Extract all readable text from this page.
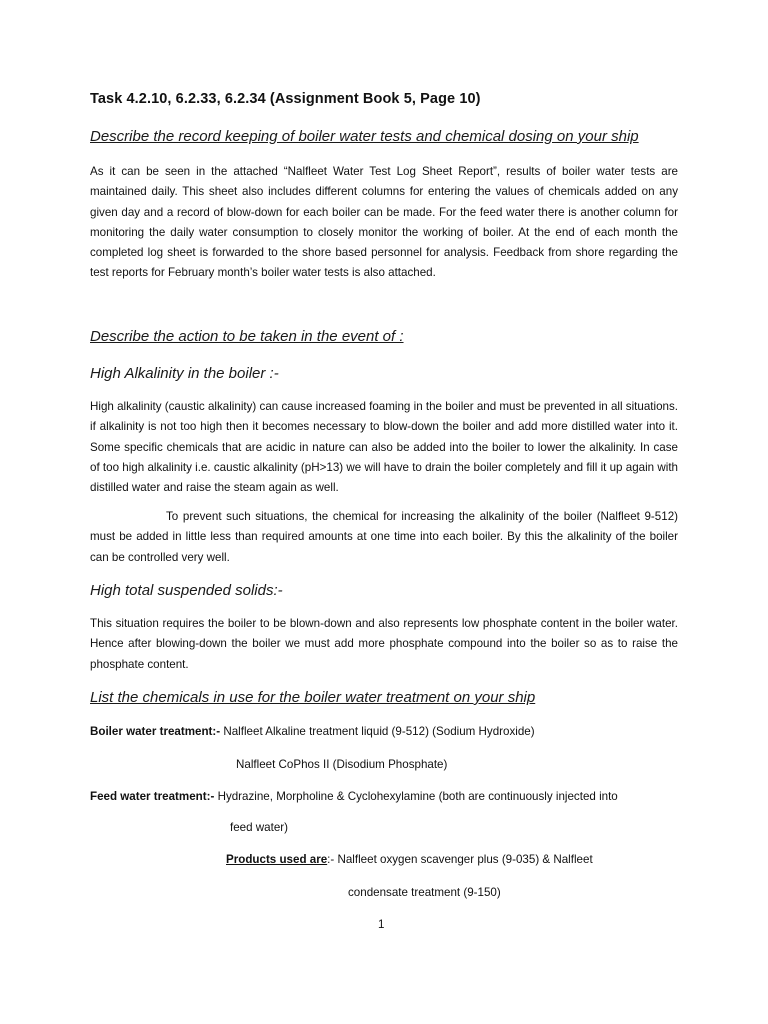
Task 4.2.10, 6.2.33, 6.2.34 (Assignment Book 5, Page 10)

Describe the record keeping of boiler water tests and chemical dosing on your ship

As it can be seen in the attached “Nalfleet Water Test Log Sheet Report”, results of boiler water tests are maintained daily. This sheet also includes different columns for entering the values of chemicals added on any given day and a record of blow-down for each boiler can be made. For the feed water there is another column for monitoring the daily water consumption to closely monitor the working of boiler. At the end of each month the completed log sheet is forwarded to the shore based personnel for analysis. Feedback from shore regarding the test reports for February month’s boiler water tests is also attached.

Describe the action to be taken in the event of :

High Alkalinity in the boiler :-

High alkalinity (caustic alkalinity) can cause increased foaming in the boiler and must be prevented in all situations. if alkalinity is not too high then it becomes necessary to blow-down the boiler and add more distilled water into it. Some specific chemicals that are acidic in nature can also be added into the boiler to lower the alkalinity. In case of too high alkalinity i.e. caustic alkalinity (pH>13) we will have to drain the boiler completely and fill it up again with distilled water and raise the steam again as well.

To prevent such situations, the chemical for increasing the alkalinity of the boiler (Nalfleet 9-512) must be added in little less than required amounts at one time into each boiler. By this the alkalinity of the boiler can be controlled very well.

High total suspended solids:-

This situation requires the boiler to be blown-down and also represents low phosphate content in the boiler water. Hence after blowing-down the boiler we must add more phosphate compound into the boiler so as to raise the phosphate content.

List the chemicals in use for the boiler water treatment on your ship

Boiler water treatment:- Nalfleet Alkaline treatment liquid (9-512) (Sodium Hydroxide)

Nalfleet CoPhos II (Disodium Phosphate)

Feed water treatment:- Hydrazine, Morpholine & Cyclohexylamine (both are continuously injected into

feed water)

Products used are:- Nalfleet oxygen scavenger plus (9-035) & Nalfleet

condensate treatment (9-150)

1
